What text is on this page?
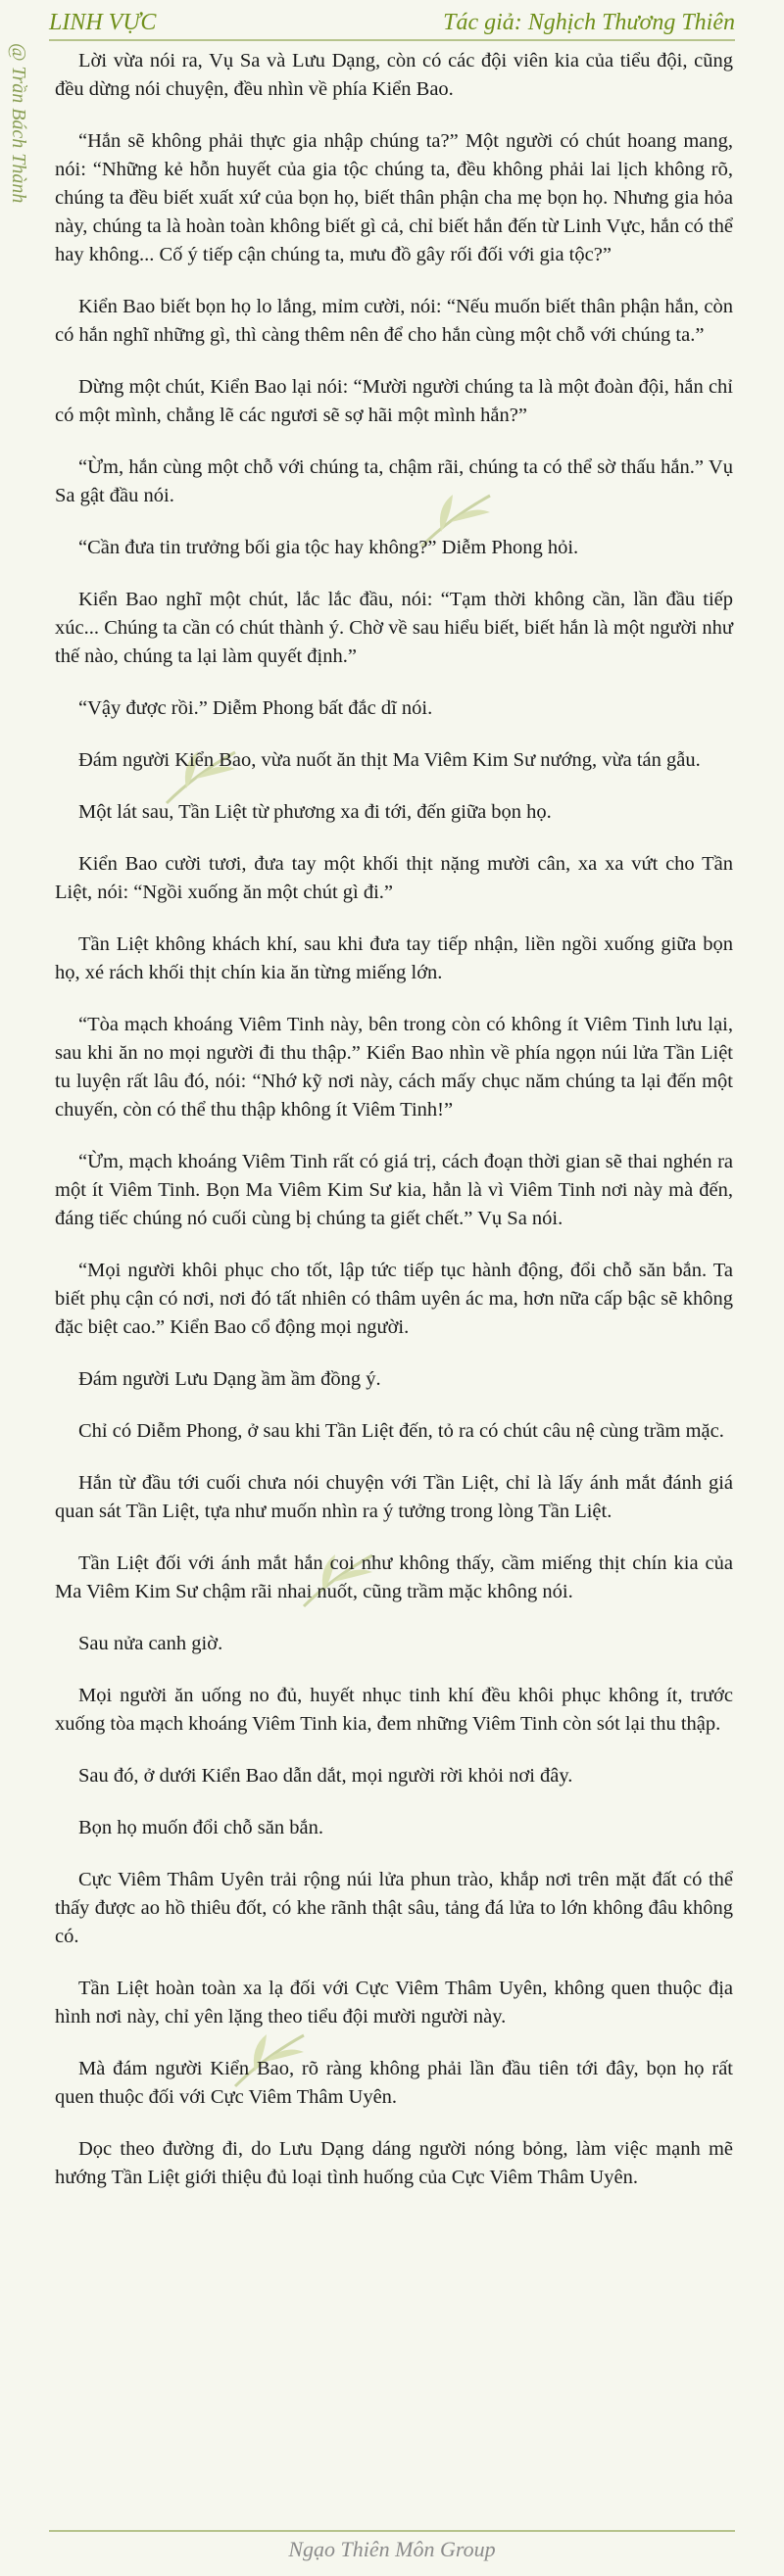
LINH VỰC	Tác giả: Nghịch Thương Thiên
@ Trần Bách Thành	Lời vừa nói ra, Vụ Sa và Lưu Dạng, còn có các đội viên kia của tiểu đội, cũng đều dừng nói chuyện, đều nhìn về phía Kiển Bao.

“Hắn sẽ không phải thực gia nhập chúng ta?” Một người có chút hoang mang, nói: “Những kẻ hỗn huyết của gia tộc chúng ta, đều không phải lai lịch không rõ, chúng ta đều biết xuất xứ của bọn họ, biết thân phận cha mẹ bọn họ. Nhưng gia hỏa này, chúng ta là hoàn toàn không biết gì cả, chỉ biết hắn đến từ Linh Vực, hắn có thể hay không... Cố ý tiếp cận chúng ta, mưu đồ gây rối đối với gia tộc?”

Kiển Bao biết bọn họ lo lắng, mỉm cười, nói: “Nếu muốn biết thân phận hắn, còn có hắn nghĩ những gì, thì càng thêm nên để cho hắn cùng một chỗ với chúng ta.”

Dừng một chút, Kiển Bao lại nói: “Mười người chúng ta là một đoàn đội, hắn chỉ có một mình, chẳng lẽ các ngươi sẽ sợ hãi một mình hắn?”

“Ừm, hắn cùng một chỗ với chúng ta, chậm rãi, chúng ta có thể sờ thấu hắn.” Vụ Sa gật đầu nói.

“Cần đưa tin trưởng bối gia tộc hay không?” Diễm Phong hỏi.

Kiển Bao nghĩ một chút, lắc lắc đầu, nói: “Tạm thời không cần, lần đầu tiếp xúc... Chúng ta cần có chút thành ý. Chờ về sau hiểu biết, biết hắn là một người như thế nào, chúng ta lại làm quyết định.”

“Vậy được rồi.” Diễm Phong bất đắc dĩ nói.

Đám người Kiển Bao, vừa nuốt ăn thịt Ma Viêm Kim Sư nướng, vừa tán gẫu.

Một lát sau, Tần Liệt từ phương xa đi tới, đến giữa bọn họ.

Kiển Bao cười tươi, đưa tay một khối thịt nặng mười cân, xa xa vứt cho Tần Liệt, nói: “Ngồi xuống ăn một chút gì đi.”

Tần Liệt không khách khí, sau khi đưa tay tiếp nhận, liền ngồi xuống giữa bọn họ, xé rách khối thịt chín kia ăn từng miếng lớn.

“Tòa mạch khoáng Viêm Tinh này, bên trong còn có không ít Viêm Tinh lưu lại, sau khi ăn no mọi người đi thu thập.” Kiển Bao nhìn về phía ngọn núi lửa Tần Liệt tu luyện rất lâu đó, nói: “Nhớ kỹ nơi này, cách mấy chục năm chúng ta lại đến một chuyến, còn có thể thu thập không ít Viêm Tinh!”

“Ừm, mạch khoáng Viêm Tinh rất có giá trị, cách đoạn thời gian sẽ thai nghén ra một ít Viêm Tinh. Bọn Ma Viêm Kim Sư kia, hẳn là vì Viêm Tinh nơi này mà đến, đáng tiếc chúng nó cuối cùng bị chúng ta giết chết.” Vụ Sa nói.

“Mọi người khôi phục cho tốt, lập tức tiếp tục hành động, đổi chỗ săn bắn. Ta biết phụ cận có nơi, nơi đó tất nhiên có thâm uyên ác ma, hơn nữa cấp bậc sẽ không đặc biệt cao.” Kiển Bao cổ động mọi người.

Đám người Lưu Dạng ầm ầm đồng ý.

Chỉ có Diễm Phong, ở sau khi Tần Liệt đến, tỏ ra có chút câu nệ cùng trầm mặc.

Hắn từ đầu tới cuối chưa nói chuyện với Tần Liệt, chỉ là lấy ánh mắt đánh giá quan sát Tần Liệt, tựa như muốn nhìn ra ý tưởng trong lòng Tần Liệt.

Tần Liệt đối với ánh mắt hắn coi như không thấy, cầm miếng thịt chín kia của Ma Viêm Kim Sư chậm rãi nhai nuốt, cũng trầm mặc không nói.

Sau nửa canh giờ.

Mọi người ăn uống no đủ, huyết nhục tinh khí đều khôi phục không ít, trước xuống tòa mạch khoáng Viêm Tinh kia, đem những Viêm Tinh còn sót lại thu thập.

Sau đó, ở dưới Kiển Bao dẫn dắt, mọi người rời khỏi nơi đây.

Bọn họ muốn đổi chỗ săn bắn.

Cực Viêm Thâm Uyên trải rộng núi lửa phun trào, khắp nơi trên mặt đất có thể thấy được ao hồ thiêu đốt, có khe rãnh thật sâu, tảng đá lửa to lớn không đâu không có.

Tần Liệt hoàn toàn xa lạ đối với Cực Viêm Thâm Uyên, không quen thuộc địa hình nơi này, chỉ yên lặng theo tiểu đội mười người này.

Mà đám người Kiển Bao, rõ ràng không phải lần đầu tiên tới đây, bọn họ rất quen thuộc đối với Cực Viêm Thâm Uyên.

Dọc theo đường đi, do Lưu Dạng dáng người nóng bỏng, làm việc mạnh mẽ hướng Tần Liệt giới thiệu đủ loại tình huống của Cực Viêm Thâm Uyên.

Ngạo Thiên Môn Group
